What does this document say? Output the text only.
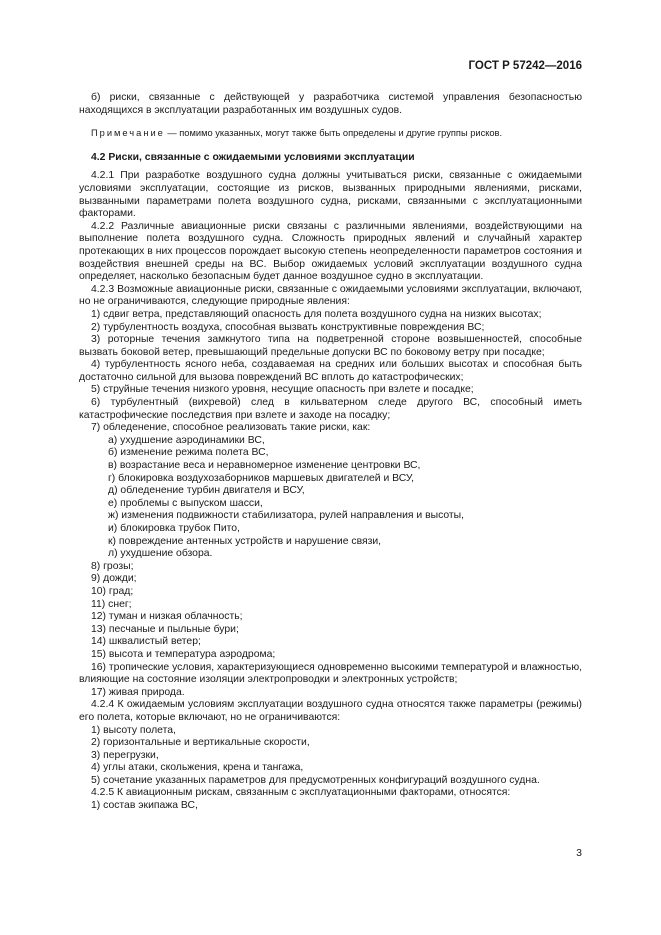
ГОСТ Р 57242—2016

б) риски, связанные с действующей у разработчика системой управления безопасностью находящихся в эксплуатации разработанных им воздушных судов.

Примечание — помимо указанных, могут также быть определены и другие группы рисков.

4.2 Риски, связанные с ожидаемыми условиями эксплуатации

4.2.1 При разработке воздушного судна должны учитываться риски, связанные с ожидаемыми условиями эксплуатации, состоящие из рисков, вызванных природными явлениями, рисками, вызванными параметрами полета воздушного судна, рисками, связанными с эксплуатационными факторами.

4.2.2 Различные авиационные риски связаны с различными явлениями, воздействующими на выполнение полета воздушного судна. Сложность природных явлений и случайный характер протекающих в них процессов порождает высокую степень неопределенности параметров состояния и воздействия внешней среды на ВС. Выбор ожидаемых условий эксплуатации воздушного судна определяет, насколько безопасным будет данное воздушное судно в эксплуатации.

4.2.3 Возможные авиационные риски, связанные с ожидаемыми условиями эксплуатации, включают, но не ограничиваются, следующие природные явления:

1) сдвиг ветра, представляющий опасность для полета воздушного судна на низких высотах;

2) турбулентность воздуха, способная вызвать конструктивные повреждения ВС;

3) роторные течения замкнутого типа на подветренной стороне возвышенностей, способные вызвать боковой ветер, превышающий предельные допуски ВС по боковому ветру при посадке;

4) турбулентность ясного неба, создаваемая на средних или больших высотах и способная быть достаточно сильной для вызова повреждений ВС вплоть до катастрофических;

5) струйные течения низкого уровня, несущие опасность при взлете и посадке;

6) турбулентный (вихревой) след в кильватерном следе другого ВС, способный иметь катастрофические последствия при взлете и заходе на посадку;

7) обледенение, способное реализовать такие риски, как:

а) ухудшение аэродинамики ВС,

б) изменение режима полета ВС,

в) возрастание веса и неравномерное изменение центровки ВС,

г) блокировка воздухозаборников маршевых двигателей и ВСУ,

д) обледенение турбин двигателя и ВСУ,

е) проблемы с выпуском шасси,

ж) изменения подвижности стабилизатора, рулей направления и высоты,

и) блокировка трубок Пито,

к) повреждение антенных устройств и нарушение связи,

л) ухудшение обзора.

8) грозы;

9) дожди;

10) град;

11) снег;

12) туман и низкая облачность;

13) песчаные и пыльные бури;

14) шквалистый ветер;

15) высота и температура аэродрома;

16) тропические условия, характеризующиеся одновременно высокими температурой и влажностью, влияющие на состояние изоляции электропроводки и электронных устройств;

17) живая природа.

4.2.4 К ожидаемым условиям эксплуатации воздушного судна относятся также параметры (режимы) его полета, которые включают, но не ограничиваются:

1) высоту полета,

2) горизонтальные и вертикальные скорости,

3) перегрузки,

4) углы атаки, скольжения, крена и тангажа,

5) сочетание указанных параметров для предусмотренных конфигураций воздушного судна.

4.2.5 К авиационным рискам, связанным с эксплуатационными факторами, относятся:

1) состав экипажа ВС,

3
